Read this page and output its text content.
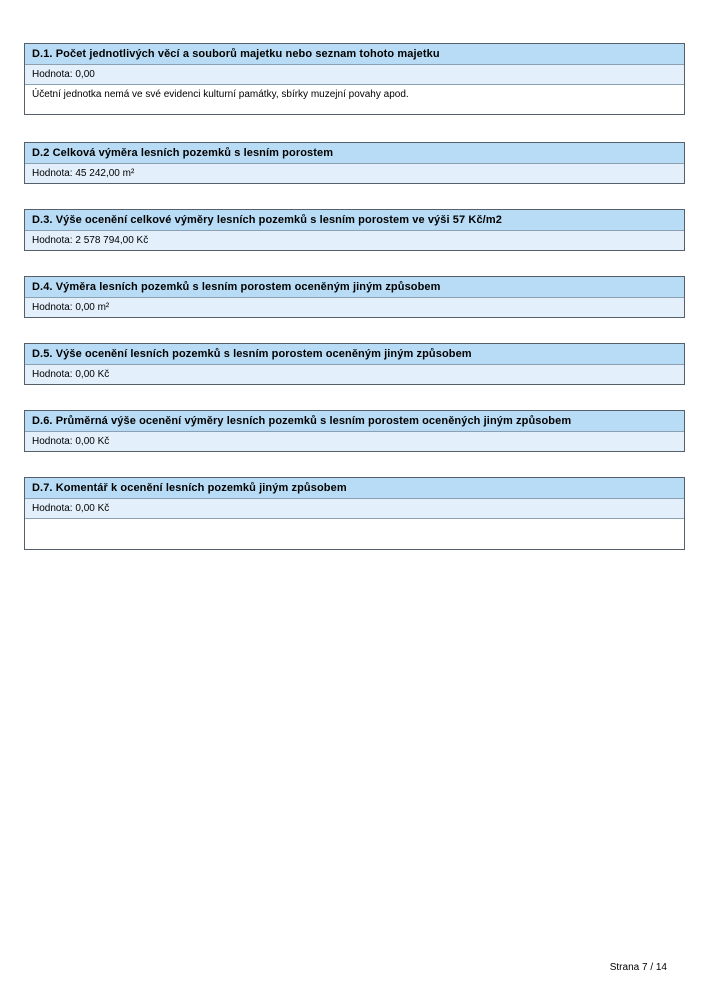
D.1. Počet jednotlivých věcí a souborů majetku nebo seznam tohoto majetku
Hodnota: 0,00
Účetní jednotka nemá ve své evidenci kulturní památky, sbírky muzejní povahy apod.
D.2 Celková výměra lesních pozemků s lesním porostem
Hodnota: 45 242,00 m²
D.3. Výše ocenění celkové výměry lesních pozemků s lesním porostem ve výši 57 Kč/m2
Hodnota: 2 578 794,00 Kč
D.4. Výměra lesních pozemků s lesním porostem oceněným jiným způsobem
Hodnota: 0,00 m²
D.5. Výše ocenění lesních pozemků s lesním porostem oceněným jiným způsobem
Hodnota: 0,00 Kč
D.6. Průměrná výše ocenění výměry lesních pozemků s lesním porostem oceněných jiným způsobem
Hodnota: 0,00 Kč
D.7. Komentář k ocenění lesních pozemků jiným způsobem
Hodnota: 0,00 Kč
Strana 7 / 14
